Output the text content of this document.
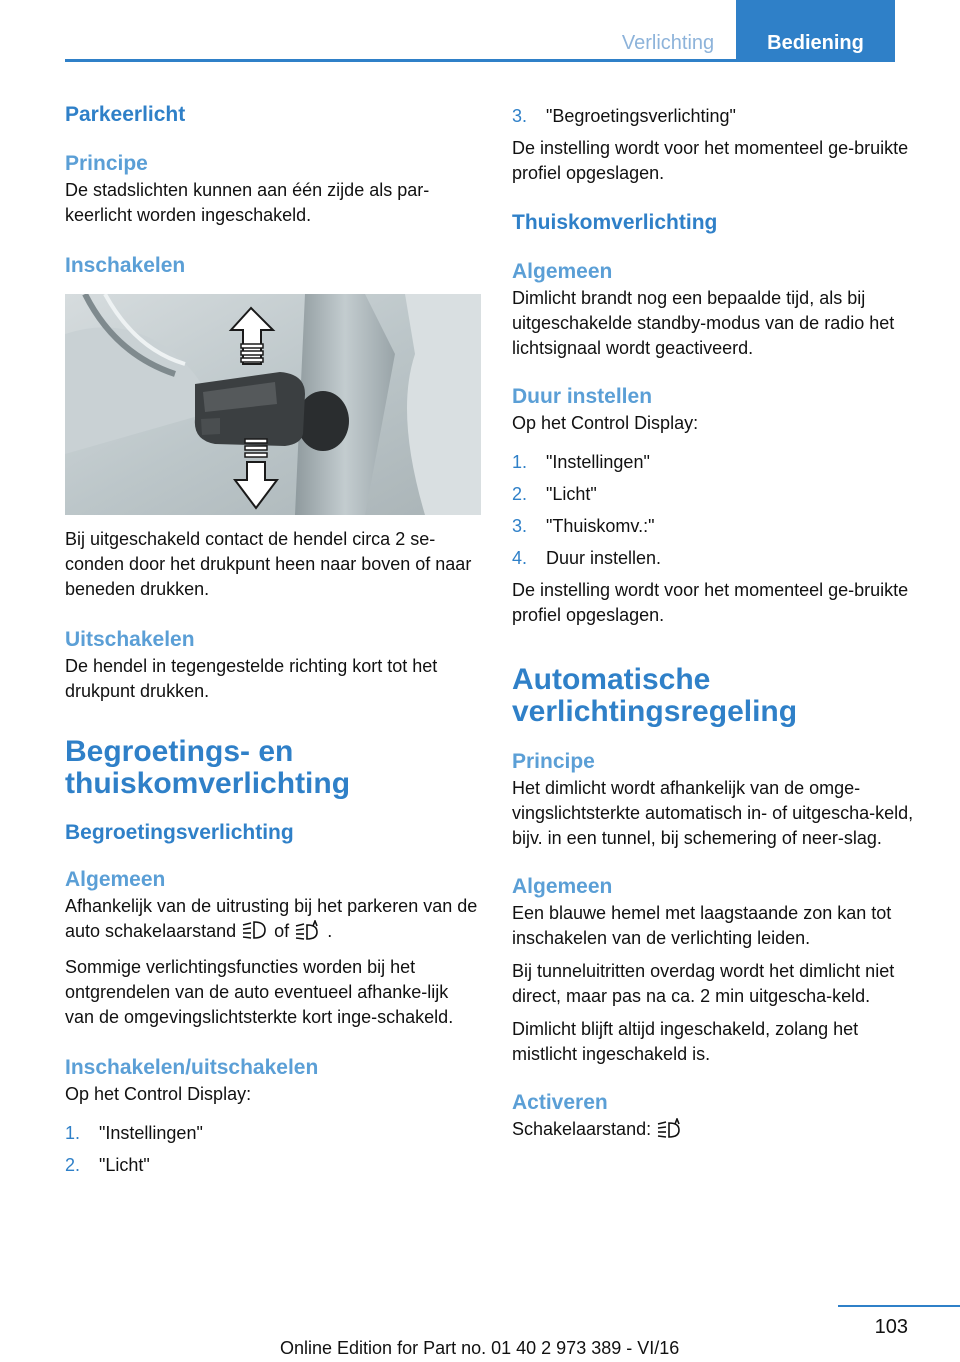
Verlichting	Bediening
Parkeerlicht
Principe

De stadslichten kunnen aan één zijde als par-keerlicht worden ingeschakeld.

Inschakelen

Bij uitgeschakeld contact de hendel circa 2 se-conden door het drukpunt heen naar boven of naar beneden drukken.

Uitschakelen

De hendel in tegengestelde richting kort tot het drukpunt drukken.

Begroetings- en thuiskomverlichting
Begroetingsverlichting
Algemeen

Afhankelijk van de uitrusting bij het parkeren van de auto schakelaarstand of .

Sommige verlichtingsfuncties worden bij het ontgrendelen van de auto eventueel afhanke-lijk van de omgevingslichtsterkte kort inge-schakeld.

Inschakelen/uitschakelen

Op het Control Display:

1.	"Instellingen"
2.	"Licht"
3.	"Begroetingsverlichting"

De instelling wordt voor het momenteel ge-bruikte profiel opgeslagen.

Thuiskomverlichting
Algemeen

Dimlicht brandt nog een bepaalde tijd, als bij uitgeschakelde standby-modus van de radio het lichtsignaal wordt geactiveerd.

Duur instellen

Op het Control Display:

1.	"Instellingen"
2.	"Licht"
3.	"Thuiskomv.:"
4.	Duur instellen.

De instelling wordt voor het momenteel ge-bruikte profiel opgeslagen.

Automatische verlichtingsregeling
Principe

Het dimlicht wordt afhankelijk van de omge-vingslichtsterkte automatisch in- of uitgescha-keld, bijv. in een tunnel, bij schemering of neer-slag.

Algemeen

Een blauwe hemel met laagstaande zon kan tot inschakelen van de verlichting leiden.

Bij tunneluitritten overdag wordt het dimlicht niet direct, maar pas na ca. 2 min uitgescha-keld.

Dimlicht blijft altijd ingeschakeld, zolang het mistlicht ingeschakeld is.

Activeren

Schakelaarstand:

103
Online Edition for Part no. 01 40 2 973 389 - VI/16
